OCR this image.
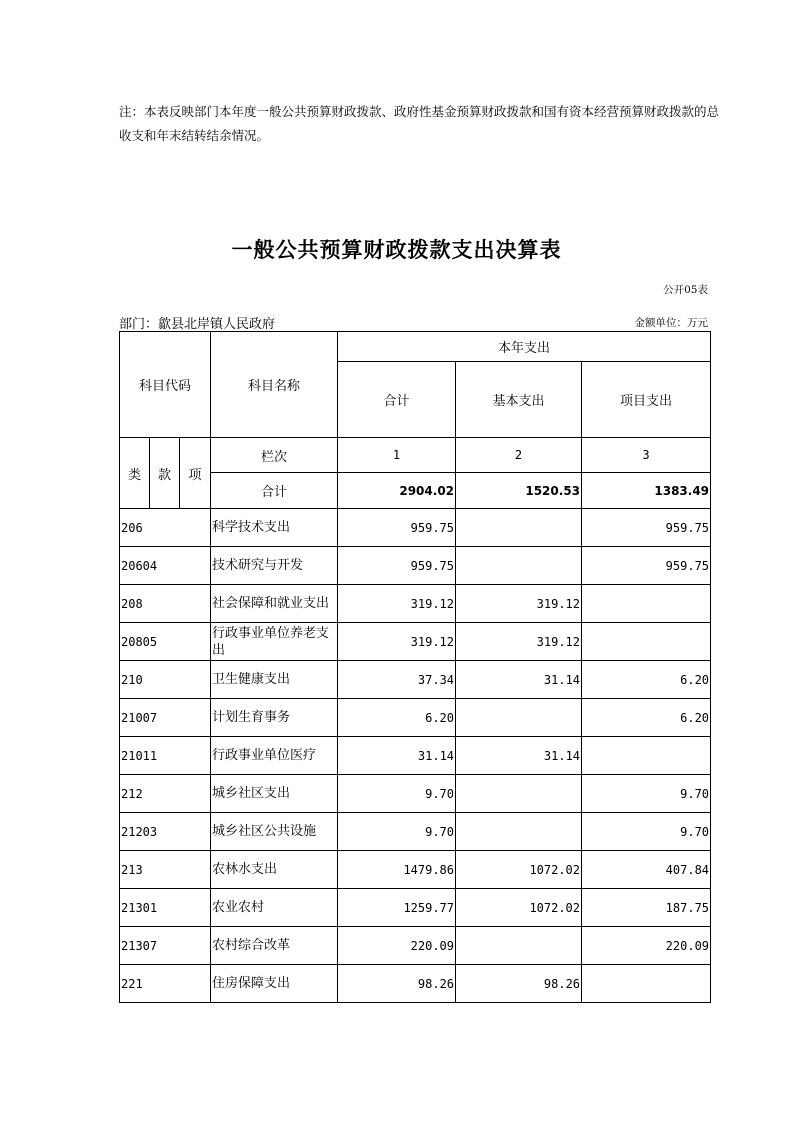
注：本表反映部门本年度一般公共预算财政拨款、政府性基金预算财政拨款和国有资本经营预算财政拨款的总收支和年末结转结余情况。
一般公共预算财政拨款支出决算表
公开05表
部门：歙县北岸镇人民政府	金额单位：万元
科目代码			科目名称	本年支出		
				合计	基本支出	项目支出
类	款	项	栏次	1	2	3
			合计	2904.02	1520.53	1383.49
206			科学技术支出	959.75		959.75
20604			技术研究与开发	959.75		959.75
208			社会保障和就业支出	319.12	319.12	
20805			行政事业单位养老支出	319.12	319.12	
210			卫生健康支出	37.34	31.14	6.20
21007			计划生育事务	6.20		6.20
21011			行政事业单位医疗	31.14	31.14	
212			城乡社区支出	9.70		9.70
21203			城乡社区公共设施	9.70		9.70
213			农林水支出	1479.86	1072.02	407.84
21301			农业农村	1259.77	1072.02	187.75
21307			农村综合改革	220.09		220.09
221			住房保障支出	98.26	98.26	
